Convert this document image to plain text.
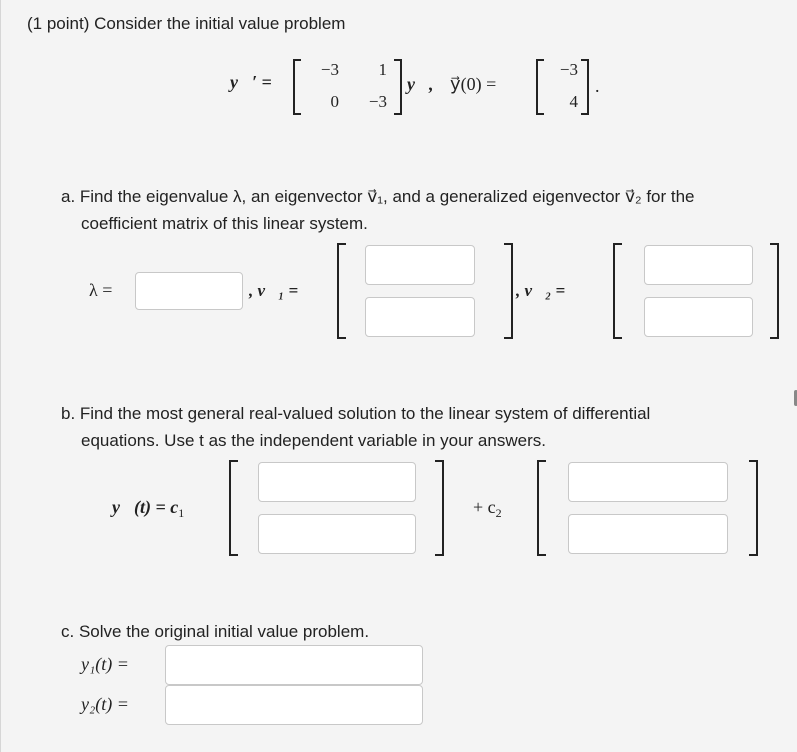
(1 point) Consider the initial value problem
y⃗′ =
−3	1
0	−3
y⃗, y⃗(0) =
−3
4
.
a. Find the eigenvalue λ, an eigenvector v⃗₁, and a generalized eigenvector v⃗₂ for the
coefficient matrix of this linear system.
λ =	, v⃗₁ =	, v⃗₂ =
b. Find the most general real-valued solution to the linear system of differential
equations. Use t as the independent variable in your answers.
y⃗(t) = $c_1$	+ $c_2$
c. Solve the original initial value problem.
y₁(t) =
y₂(t) =
